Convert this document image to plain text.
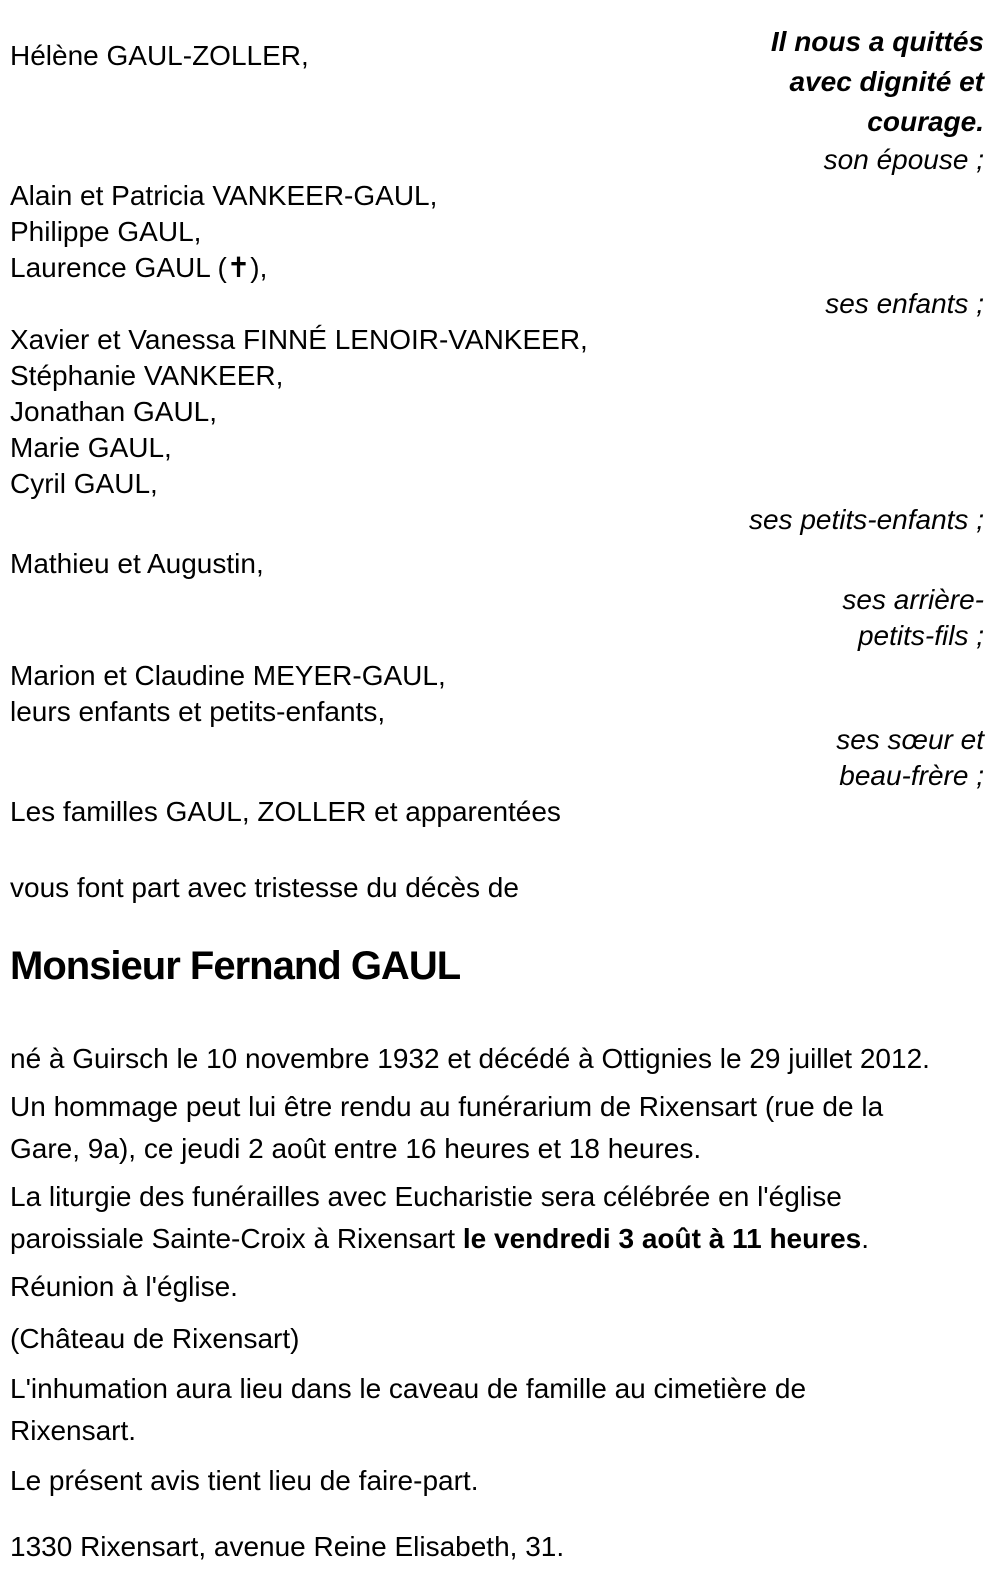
Hélène GAUL-ZOLLER,	Il nous a quittés
avec dignité et
courage.
son épouse ;
Alain et Patricia VANKEER-GAUL,
Philippe GAUL,
Laurence GAUL (✝),
ses enfants ;
Xavier et Vanessa FINNÉ LENOIR-VANKEER,
Stéphanie VANKEER,
Jonathan GAUL,
Marie GAUL,
Cyril GAUL,
ses petits-enfants ;
Mathieu et Augustin,
ses arrière-
petits-fils ;
Marion et Claudine MEYER-GAUL,
leurs enfants et petits-enfants,
ses sœur et
beau-frère ;
Les familles GAUL, ZOLLER et apparentées

vous font part avec tristesse du décès de

Monsieur Fernand GAUL

né à Guirsch le 10 novembre 1932 et décédé à Ottignies le 29 juillet 2012.

Un hommage peut lui être rendu au funérarium de Rixensart (rue de la Gare, 9a), ce jeudi 2 août entre 16 heures et 18 heures.

La liturgie des funérailles avec Eucharistie sera célébrée en l'église paroissiale Sainte-Croix à Rixensart le vendredi 3 août à 11 heures.

Réunion à l'église.

(Château de Rixensart)

L'inhumation aura lieu dans le caveau de famille au cimetière de Rixensart.

Le présent avis tient lieu de faire-part.

1330 Rixensart, avenue Reine Elisabeth, 31.
